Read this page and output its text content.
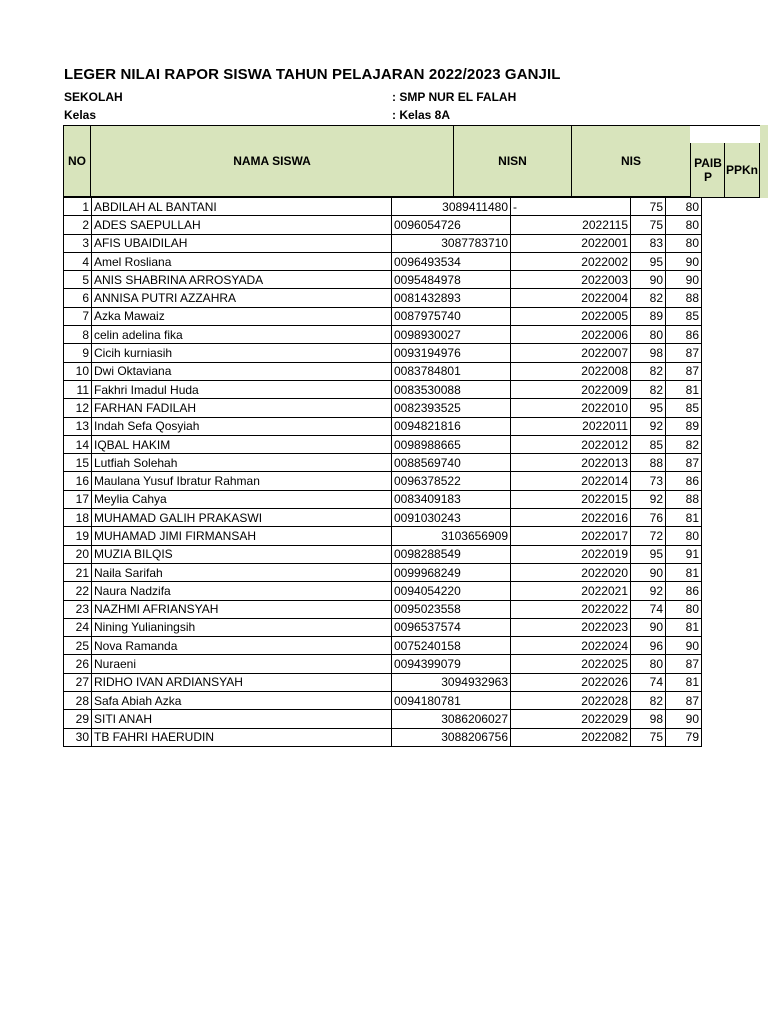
LEGER NILAI RAPOR SISWA TAHUN PELAJARAN 2022/2023 GANJIL
SEKOLAH	: SMP NUR EL FALAH
Kelas	: Kelas 8A
NO	NAMA SISWA	NISN	NIS	PAIB P	PPKn
1	ABDILAH AL BANTANI	3089411480	-	75	80
2	ADES SAEPULLAH	0096054726	2022115	75	80
3	AFIS UBAIDILAH	3087783710	2022001	83	80
4	Amel Rosliana	0096493534	2022002	95	90
5	ANIS SHABRINA ARROSYADA	0095484978	2022003	90	90
6	ANNISA PUTRI AZZAHRA	0081432893	2022004	82	88
7	Azka Mawaiz	0087975740	2022005	89	85
8	celin adelina fika	0098930027	2022006	80	86
9	Cicih kurniasih	0093194976	2022007	98	87
10	Dwi Oktaviana	0083784801	2022008	82	87
11	Fakhri Imadul Huda	0083530088	2022009	82	81
12	FARHAN FADILAH	0082393525	2022010	95	85
13	Indah Sefa Qosyiah	0094821816	2022011	92	89
14	IQBAL HAKIM	0098988665	2022012	85	82
15	Lutfiah Solehah	0088569740	2022013	88	87
16	Maulana Yusuf Ibratur Rahman	0096378522	2022014	73	86
17	Meylia Cahya	0083409183	2022015	92	88
18	MUHAMAD GALIH PRAKASWI	0091030243	2022016	76	81
19	MUHAMAD JIMI FIRMANSAH	3103656909	2022017	72	80
20	MUZIA BILQIS	0098288549	2022019	95	91
21	Naila Sarifah	0099968249	2022020	90	81
22	Naura Nadzifa	0094054220	2022021	92	86
23	NAZHMI AFRIANSYAH	0095023558	2022022	74	80
24	Nining Yulianingsih	0096537574	2022023	90	81
25	Nova Ramanda	0075240158	2022024	96	90
26	Nuraeni	0094399079	2022025	80	87
27	RIDHO IVAN ARDIANSYAH	3094932963	2022026	74	81
28	Safa Abiah Azka	0094180781	2022028	82	87
29	SITI ANAH	3086206027	2022029	98	90
30	TB FAHRI HAERUDIN	3088206756	2022082	75	79
